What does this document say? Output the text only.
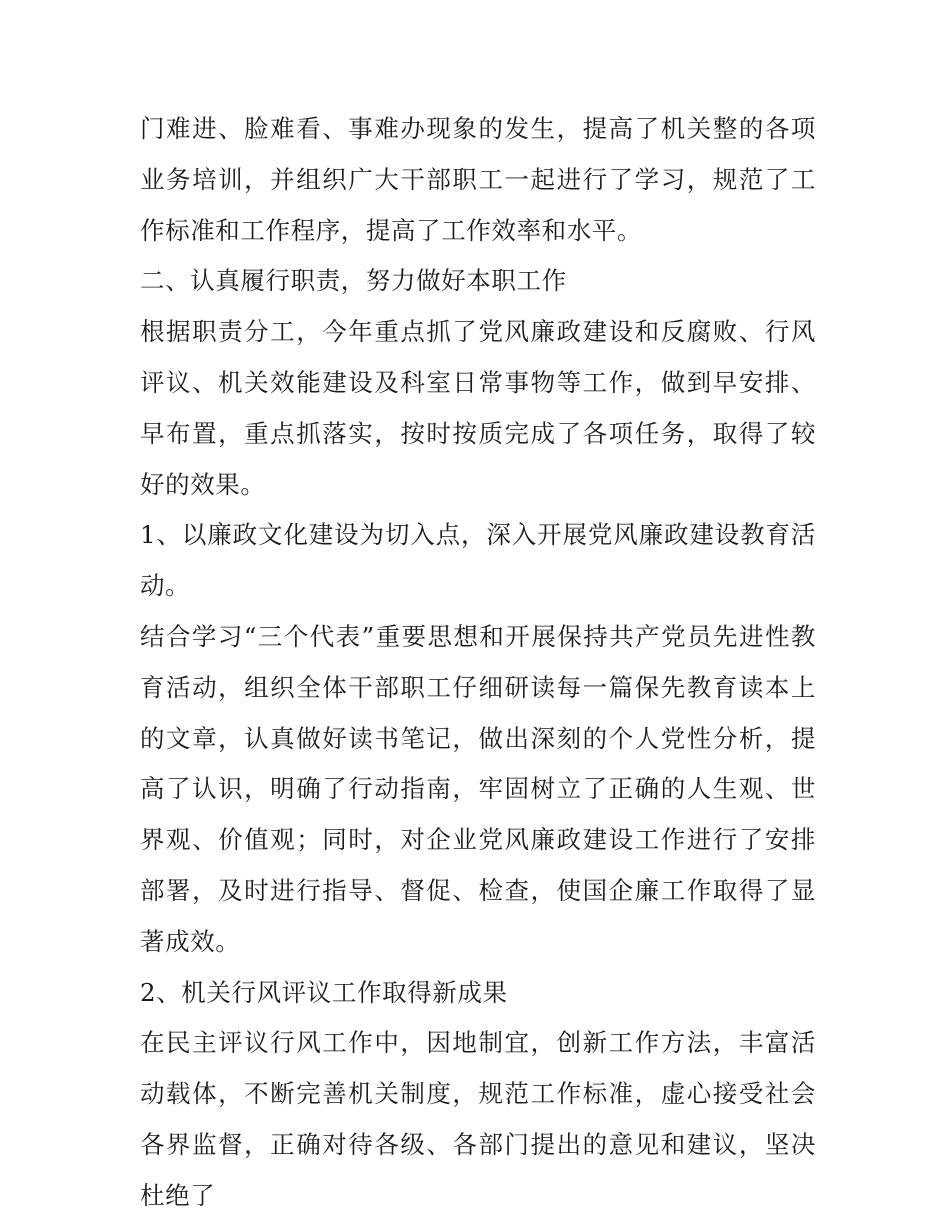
门难进、脸难看、事难办现象的发生，提高了机关整的各项业务培训，并组织广大干部职工一起进行了学习，规范了工作标准和工作程序，提高了工作效率和水平。

二、认真履行职责，努力做好本职工作

根据职责分工，今年重点抓了党风廉政建设和反腐败、行风评议、机关效能建设及科室日常事物等工作，做到早安排、早布置，重点抓落实，按时按质完成了各项任务，取得了较好的效果。

1、以廉政文化建设为切入点，深入开展党风廉政建设教育活动。

结合学习“三个代表”重要思想和开展保持共产党员先进性教育活动，组织全体干部职工仔细研读每一篇保先教育读本上的文章，认真做好读书笔记，做出深刻的个人党性分析，提高了认识，明确了行动指南，牢固树立了正确的人生观、世界观、价值观；同时，对企业党风廉政建设工作进行了安排部署，及时进行指导、督促、检查，使国企廉工作取得了显著成效。

2、机关行风评议工作取得新成果

在民主评议行风工作中，因地制宜，创新工作方法，丰富活动载体，不断完善机关制度，规范工作标准，虚心接受社会各界监督，正确对待各级、各部门提出的意见和建议，坚决杜绝了
